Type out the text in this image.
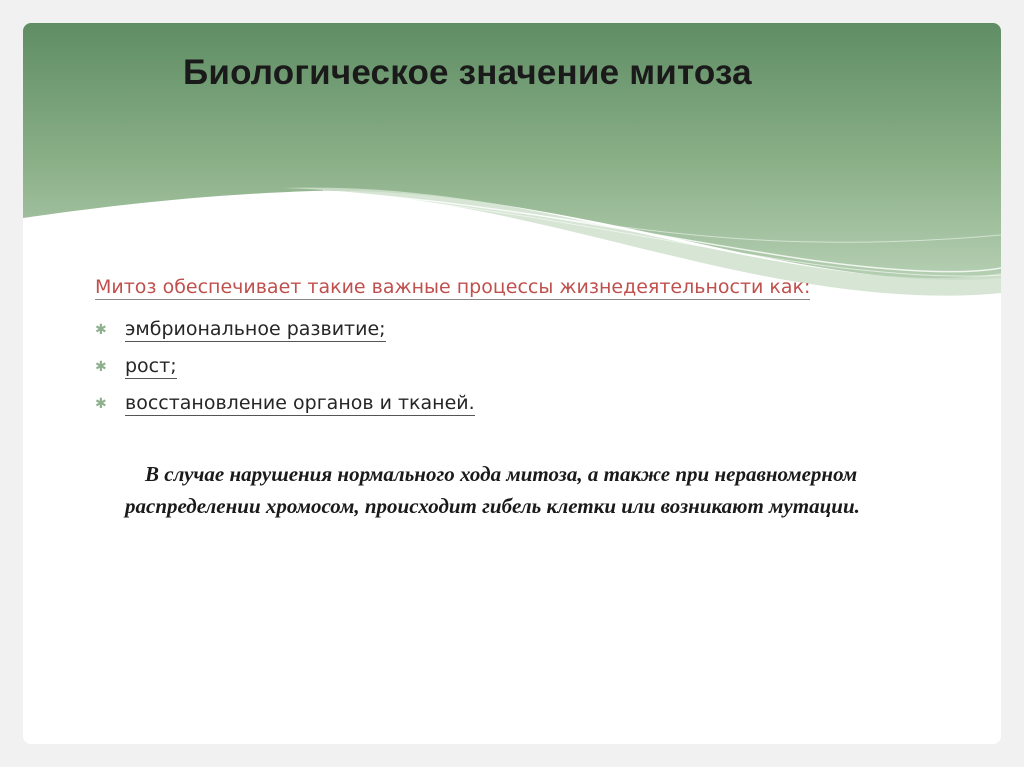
Биологическое значение митоза

Митоз обеспечивает такие важные процессы жизнедеятельности как:

✱ эмбриональное развитие;
✱ рост;
✱ восстановление органов и тканей.

В случае нарушения нормального хода митоза, а также при неравномерном распределении хромосом, происходит гибель клетки или возникают мутации.
